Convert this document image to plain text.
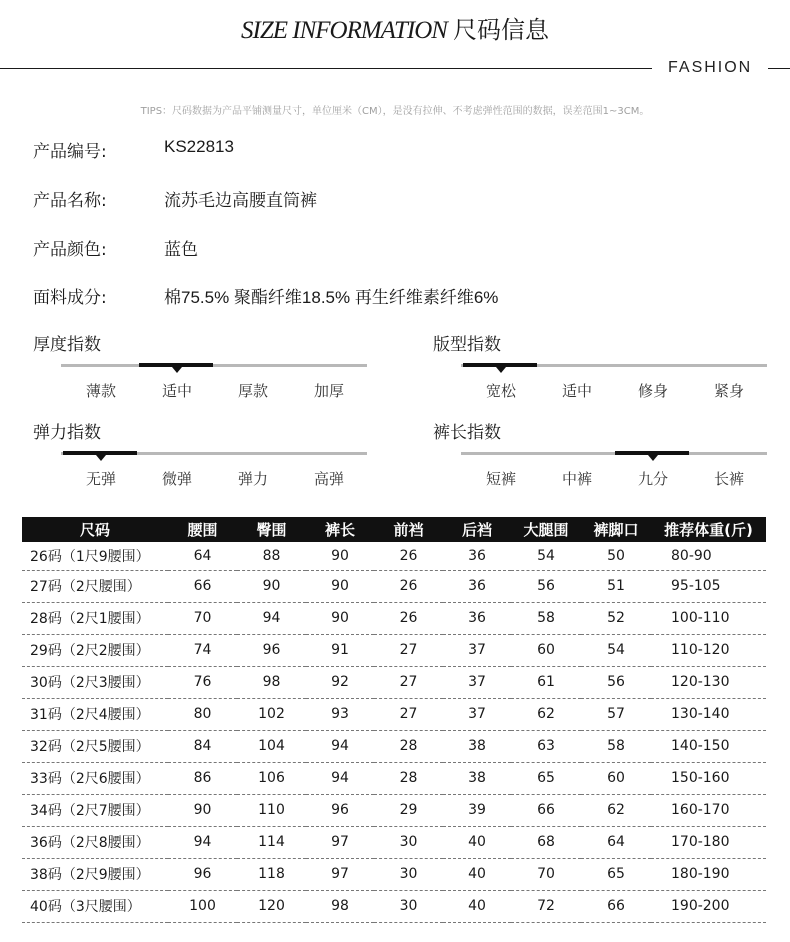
SIZE INFORMATION 尺码信息
FASHION
TIPS：尺码数据为产品平铺测量尺寸，单位厘米（CM），是没有拉伸、不考虑弹性范围的数据，误差范围1~3CM。
产品编号:	KS22813
产品名称:	流苏毛边高腰直筒裤
产品颜色:	蓝色
面料成分:	棉75.5% 聚酯纤维18.5% 再生纤维素纤维6%
厚度指数
薄款	适中	厚款	加厚
版型指数
宽松	适中	修身	紧身
弹力指数
无弹	微弹	弹力	高弹
裤长指数
短裤	中裤	九分	长裤
尺码	腰围	臀围	裤长	前裆	后裆	大腿围	裤脚口	推荐体重(斤)
26码（1尺9腰围）	64	88	90	26	36	54	50	80-90
27码（2尺腰围）	66	90	90	26	36	56	51	95-105
28码（2尺1腰围）	70	94	90	26	36	58	52	100-110
29码（2尺2腰围）	74	96	91	27	37	60	54	110-120
30码（2尺3腰围）	76	98	92	27	37	61	56	120-130
31码（2尺4腰围）	80	102	93	27	37	62	57	130-140
32码（2尺5腰围）	84	104	94	28	38	63	58	140-150
33码（2尺6腰围）	86	106	94	28	38	65	60	150-160
34码（2尺7腰围）	90	110	96	29	39	66	62	160-170
36码（2尺8腰围）	94	114	97	30	40	68	64	170-180
38码（2尺9腰围）	96	118	97	30	40	70	65	180-190
40码（3尺腰围）	100	120	98	30	40	72	66	190-200
